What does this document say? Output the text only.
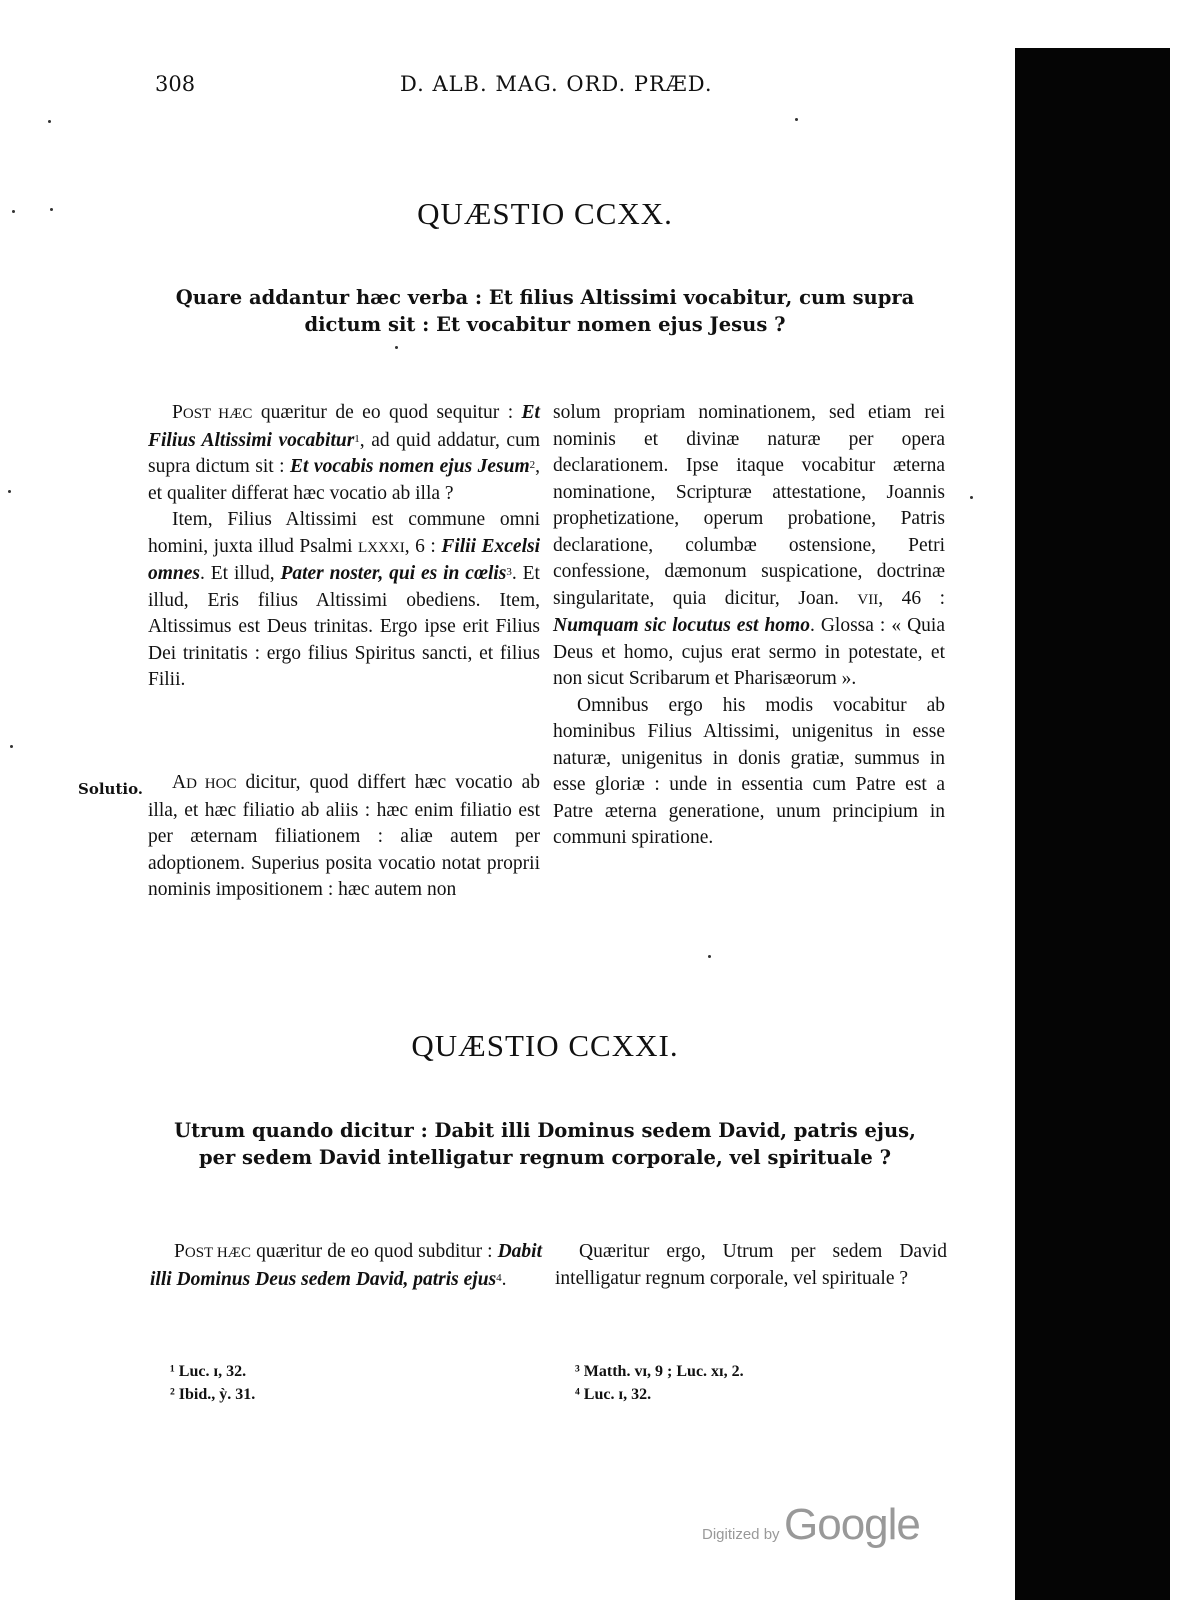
308	D. ALB. MAG. ORD. PRÆD.
QUÆSTIO CCXX.
Quare addantur hæc verba : Et filius Altissimi vocabitur, cum supra
dictum sit : Et vocabitur nomen ejus Jesus ?

POST HÆC quæritur de eo quod sequitur : Et Filius Altissimi vocabitur$^1$, ad quid addatur, cum supra dictum sit : Et vocabis nomen ejus Jesum$^2$, et qualiter differat hæc vocatio ab illa ?

Item, Filius Altissimi est commune omni homini, juxta illud Psalmi LXXXI, 6 : Filii Excelsi omnes. Et illud, Pater noster, qui es in cœlis$^3$. Et illud, Eris filius Altissimi obediens. Item, Altissimus est Deus trinitas. Ergo ipse erit Filius Dei trinitatis : ergo filius Spiritus sancti, et filius Filii.

Solutio.	AD HOC dicitur, quod differt hæc vocatio ab illa, et hæc filiatio ab aliis : hæc enim filiatio est per æternam filiationem : aliæ autem per adoptionem. Superius posita vocatio notat proprii nominis impositionem : hæc autem non

solum propriam nominationem, sed etiam rei nominis et divinæ naturæ per opera declarationem. Ipse itaque vocabitur æterna nominatione, Scripturæ attestatione, Joannis prophetizatione, operum probatione, Patris declaratione, columbæ ostensione, Petri confessione, dæmonum suspicatione, doctrinæ singularitate, quia dicitur, Joan. VII, 46 : Numquam sic locutus est homo. Glossa : « Quia Deus et homo, cujus erat sermo in potestate, et non sicut Scribarum et Pharisæorum ».

Omnibus ergo his modis vocabitur ab hominibus Filius Altissimi, unigenitus in esse naturæ, unigenitus in donis gratiæ, summus in esse gloriæ : unde in essentia cum Patre est a Patre æterna generatione, unum principium in communi spiratione.

QUÆSTIO CCXXI.
Utrum quando dicitur : Dabit illi Dominus sedem David, patris ejus,
per sedem David intelligatur regnum corporale, vel spirituale ?

POST HÆC quæritur de eo quod subditur : Dabit illi Dominus Deus sedem David, patris ejus$^4$.

Quæritur ergo, Utrum per sedem David intelligatur regnum corporale, vel spirituale ?

¹ Luc. ɪ, 32.
² Ibid., ỳ. 31.
³ Matth. ᴠɪ, 9 ; Luc. xɪ, 2.
⁴ Luc. ɪ, 32.
Digitized by Google
